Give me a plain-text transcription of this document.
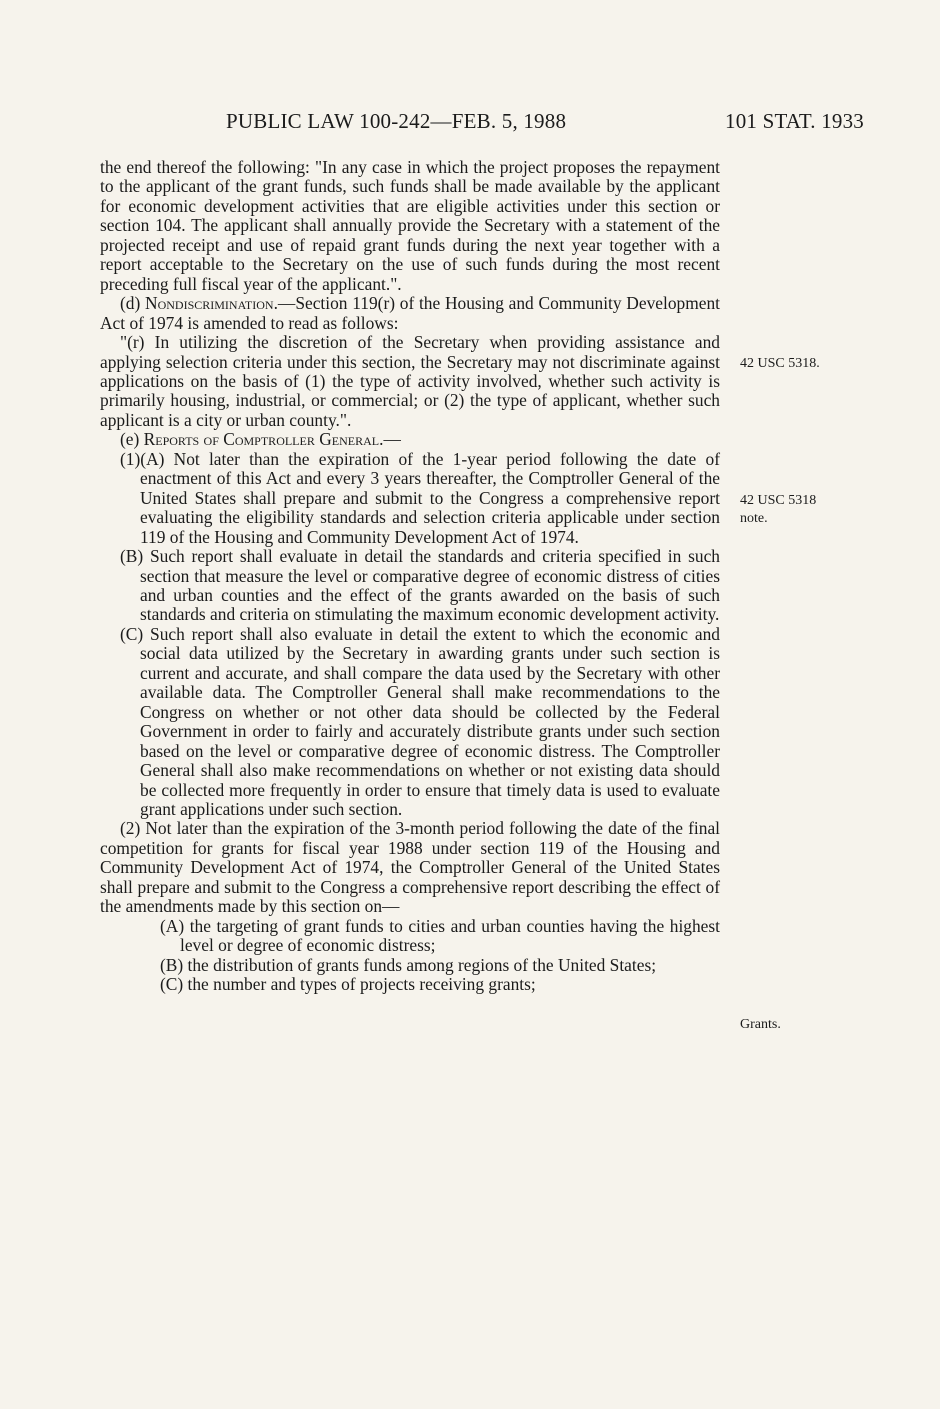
PUBLIC LAW 100-242—FEB. 5, 1988	101 STAT. 1933

the end thereof the following: "In any case in which the project proposes the repayment to the applicant of the grant funds, such funds shall be made available by the applicant for economic development activities that are eligible activities under this section or section 104. The applicant shall annually provide the Secretary with a statement of the projected receipt and use of repaid grant funds during the next year together with a report acceptable to the Secretary on the use of such funds during the most recent preceding full fiscal year of the applicant.".

(d) Nondiscrimination.—Section 119(r) of the Housing and Community Development Act of 1974 is amended to read as follows:

"(r) In utilizing the discretion of the Secretary when providing assistance and applying selection criteria under this section, the Secretary may not discriminate against applications on the basis of (1) the type of activity involved, whether such activity is primarily housing, industrial, or commercial; or (2) the type of applicant, whether such applicant is a city or urban county.".

(e) Reports of Comptroller General.—

(1)(A) Not later than the expiration of the 1-year period following the date of enactment of this Act and every 3 years thereafter, the Comptroller General of the United States shall prepare and submit to the Congress a comprehensive report evaluating the eligibility standards and selection criteria applicable under section 119 of the Housing and Community Development Act of 1974.

(B) Such report shall evaluate in detail the standards and criteria specified in such section that measure the level or comparative degree of economic distress of cities and urban counties and the effect of the grants awarded on the basis of such standards and criteria on stimulating the maximum economic development activity.

(C) Such report shall also evaluate in detail the extent to which the economic and social data utilized by the Secretary in awarding grants under such section is current and accurate, and shall compare the data used by the Secretary with other available data. The Comptroller General shall make recommendations to the Congress on whether or not other data should be collected by the Federal Government in order to fairly and accurately distribute grants under such section based on the level or comparative degree of economic distress. The Comptroller General shall also make recommendations on whether or not existing data should be collected more frequently in order to ensure that timely data is used to evaluate grant applications under such section.

(2) Not later than the expiration of the 3-month period following the date of the final competition for grants for fiscal year 1988 under section 119 of the Housing and Community Development Act of 1974, the Comptroller General of the United States shall prepare and submit to the Congress a comprehensive report describing the effect of the amendments made by this section on—

(A) the targeting of grant funds to cities and urban counties having the highest level or degree of economic distress;

(B) the distribution of grants funds among regions of the United States;

(C) the number and types of projects receiving grants;

42 USC 5318.
42 USC 5318 note.
Grants.
